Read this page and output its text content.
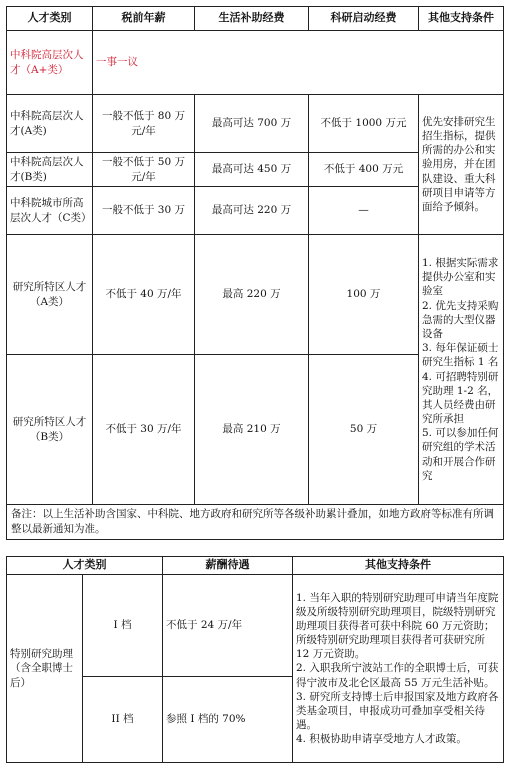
人才类别	税前年薪	生活补助经费	科研启动经费	其他支持条件
中科院高层次人才（A+类）	一事一议			
中科院高层次人才(A类)	一般不低于 80 万元/年	最高可达 700 万	不低于 1000 万元	优先安排研究生招生指标，提供所需的办公和实验用房，并在团队建设、重大科研项目申请等方面给予倾斜。
中科院高层次人才(B类)	一般不低于 50 万元/年	最高可达 450 万	不低于 400 万元	
中科院城市所高层次人才（C类）	一般不低于 30 万	最高可达 220 万	—	
研究所特区人才（A类）	不低于 40 万/年	最高 220 万	100 万	1. 根据实际需求提供办公室和实验室
2. 优先支持采购急需的大型仪器设备
3. 每年保证硕士研究生指标 1 名
4. 可招聘特别研究助理 1-2 名，其人员经费由研究所承担
5. 可以参加任何研究组的学术活动和开展合作研究

研究所特区人才（B类）	不低于 30 万/年	最高 210 万	50 万	
备注：以上生活补助含国家、中科院、地方政府和研究所等各级补助累计叠加，如地方政府等标准有所调整以最新通知为准。				
人才类别		薪酬待遇	其他支持条件
特别研究助理（含全职博士后）	I 档	不低于 24 万/年	1. 当年入职的特别研究助理可申请当年度院级及所级特别研究助理项目，院级特别研究助理项目获得者可获中科院 60 万元资助；所级特别研究助理项目获得者可获研究所 12 万元资助。
2. 入职我所宁波站工作的全职博士后，可获得宁波市及北仑区最高 55 万元生活补贴。
3. 研究所支持博士后申报国家及地方政府各类基金项目，申报成功可叠加享受相关待遇。
4. 积极协助申请享受地方人才政策。

	II 档	参照 I 档的 70%	
